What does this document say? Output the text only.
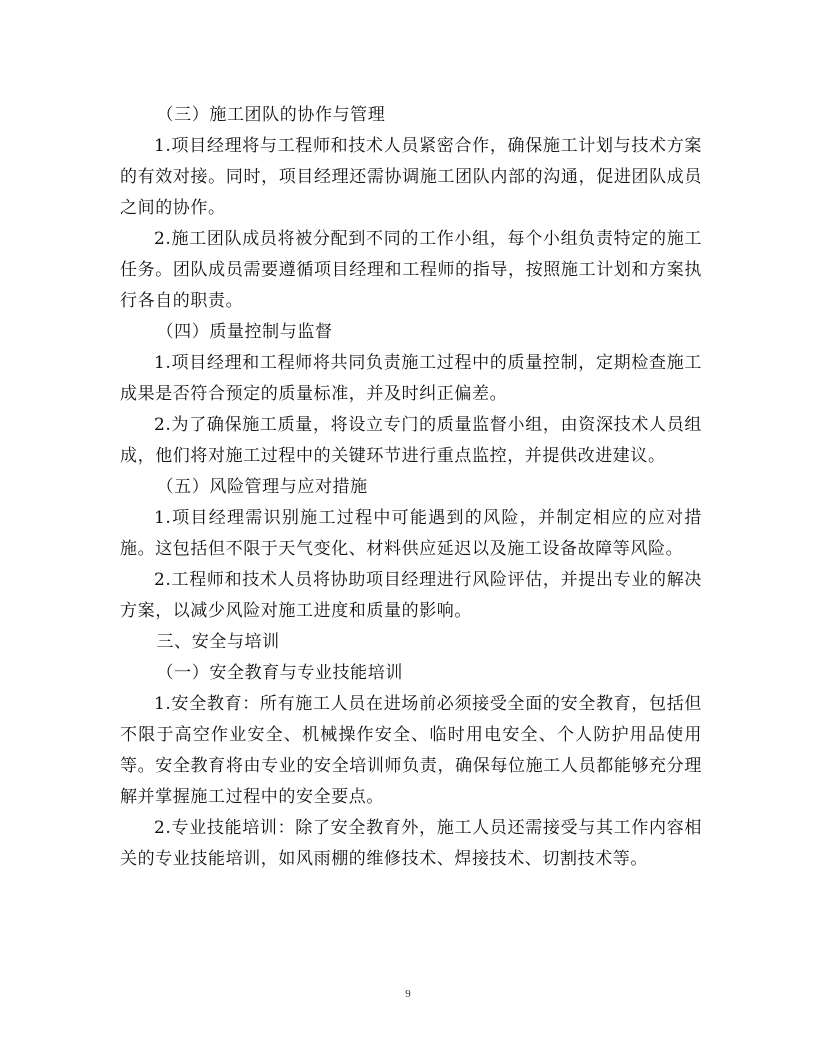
（三）施工团队的协作与管理
1.项目经理将与工程师和技术人员紧密合作，确保施工计划与技术方案的有效对接。同时，项目经理还需协调施工团队内部的沟通，促进团队成员之间的协作。
2.施工团队成员将被分配到不同的工作小组，每个小组负责特定的施工任务。团队成员需要遵循项目经理和工程师的指导，按照施工计划和方案执行各自的职责。
（四）质量控制与监督
1.项目经理和工程师将共同负责施工过程中的质量控制，定期检查施工成果是否符合预定的质量标准，并及时纠正偏差。
2.为了确保施工质量，将设立专门的质量监督小组，由资深技术人员组成，他们将对施工过程中的关键环节进行重点监控，并提供改进建议。
（五）风险管理与应对措施
1.项目经理需识别施工过程中可能遇到的风险，并制定相应的应对措施。这包括但不限于天气变化、材料供应延迟以及施工设备故障等风险。
2.工程师和技术人员将协助项目经理进行风险评估，并提出专业的解决方案，以减少风险对施工进度和质量的影响。
三、安全与培训
（一）安全教育与专业技能培训
1.安全教育：所有施工人员在进场前必须接受全面的安全教育，包括但不限于高空作业安全、机械操作安全、临时用电安全、个人防护用品使用等。安全教育将由专业的安全培训师负责，确保每位施工人员都能够充分理解并掌握施工过程中的安全要点。
2.专业技能培训：除了安全教育外，施工人员还需接受与其工作内容相关的专业技能培训，如风雨棚的维修技术、焊接技术、切割技术等。
9
